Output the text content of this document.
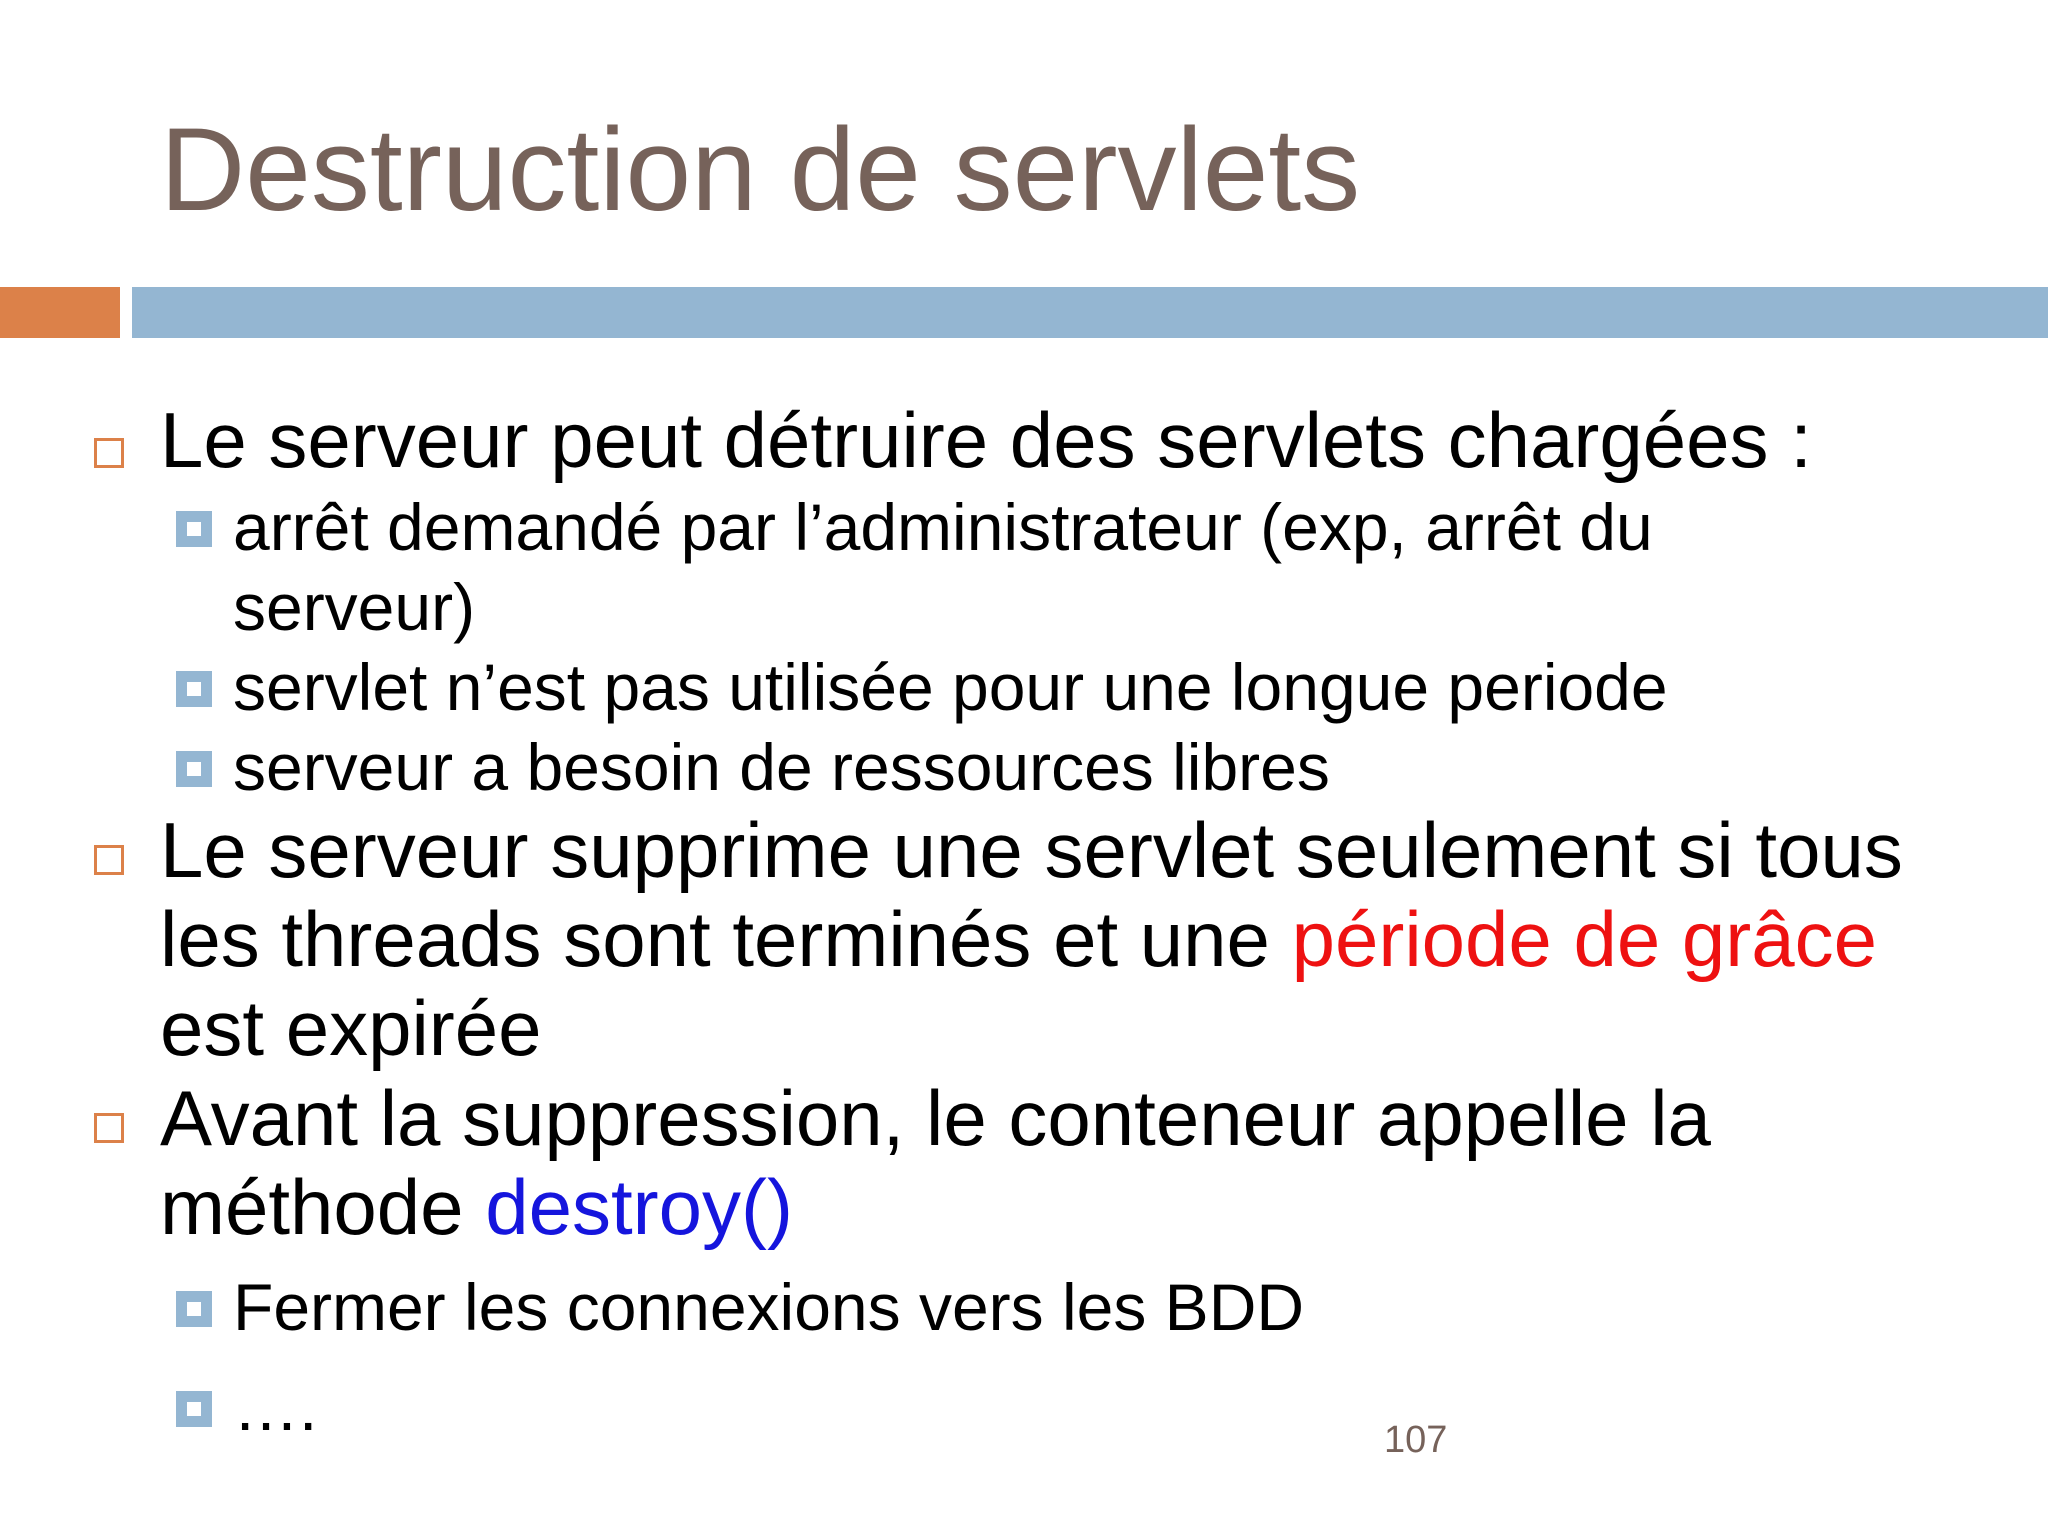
Destruction de servlets
Le serveur peut détruire des servlets chargées :
arrêt demandé par l’administrateur (exp, arrêt du serveur)
servlet n’est pas utilisée pour une longue periode
serveur a besoin de ressources libres
Le serveur supprime une servlet seulement si tous les threads sont terminés et une période de grâce est expirée
Avant la suppression, le conteneur appelle la méthode destroy()
Fermer les connexions vers les BDD
….	107
